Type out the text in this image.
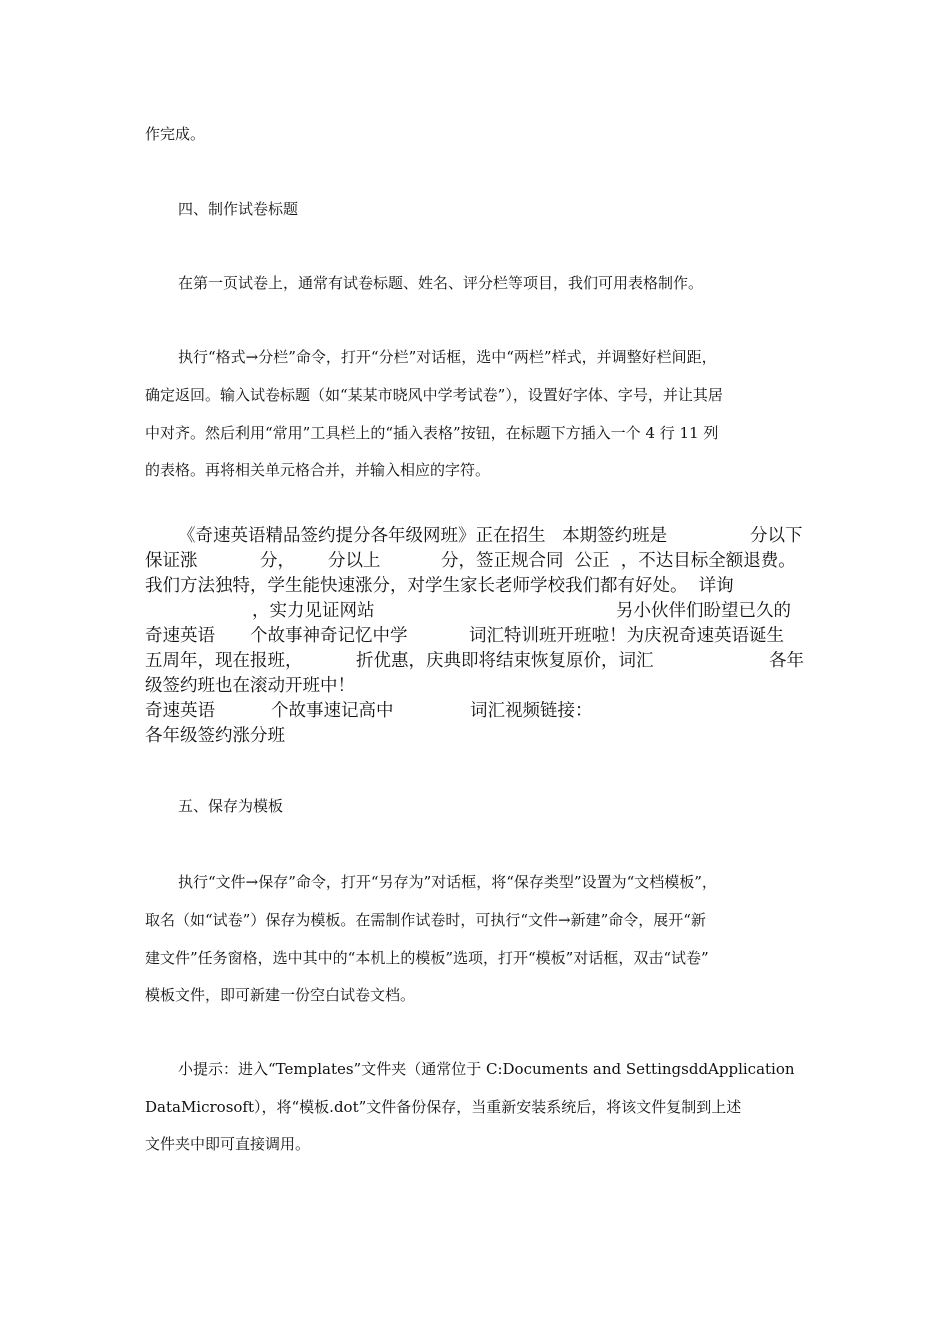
作完成。
四、制作试卷标题
在第一页试卷上，通常有试卷标题、姓名、评分栏等项目，我们可用表格制作。
执行“格式→分栏”命令，打开“分栏”对话框，选中“两栏”样式，并调整好栏间距，
确定返回。输入试卷标题（如“某某市晓风中学考试卷”），设置好字体、字号，并让其居
中对齐。然后利用“常用”工具栏上的“插入表格”按钮，在标题下方插入一个 4 行 11 列
的表格。再将相关单元格合并，并输入相应的字符。
《奇速英语精品签约提分各年级网班》正在招生   本期签约班是	分以下
保证涨	分， 分以上	分，签正规合同  公正  ，不达目标全额退费。
我们方法独特，学生能快速涨分，对学生家长老师学校我们都有好处。  详询
，实力见证网站	另小伙伴们盼望已久的
奇速英语 个故事神奇记忆中学	词汇特训班开班啦！为庆祝奇速英语诞生
五周年，现在报班，	折优惠，庆典即将结束恢复原价，词汇	各年
级签约班也在滚动开班中！
奇速英语	个故事速记高中	词汇视频链接：
各年级签约涨分班
五、保存为模板
执行“文件→保存”命令，打开“另存为”对话框，将“保存类型”设置为“文档模板”，
取名（如“试卷”）保存为模板。在需制作试卷时，可执行“文件→新建”命令，展开“新
建文件”任务窗格，选中其中的“本机上的模板”选项，打开“模板”对话框，双击“试卷”
模板文件，即可新建一份空白试卷文档。
小提示：进入“Templates”文件夹（通常位于 C:Documents and SettingsddApplication
DataMicrosoft），将“模板.dot”文件备份保存，当重新安装系统后，将该文件复制到上述
文件夹中即可直接调用。
